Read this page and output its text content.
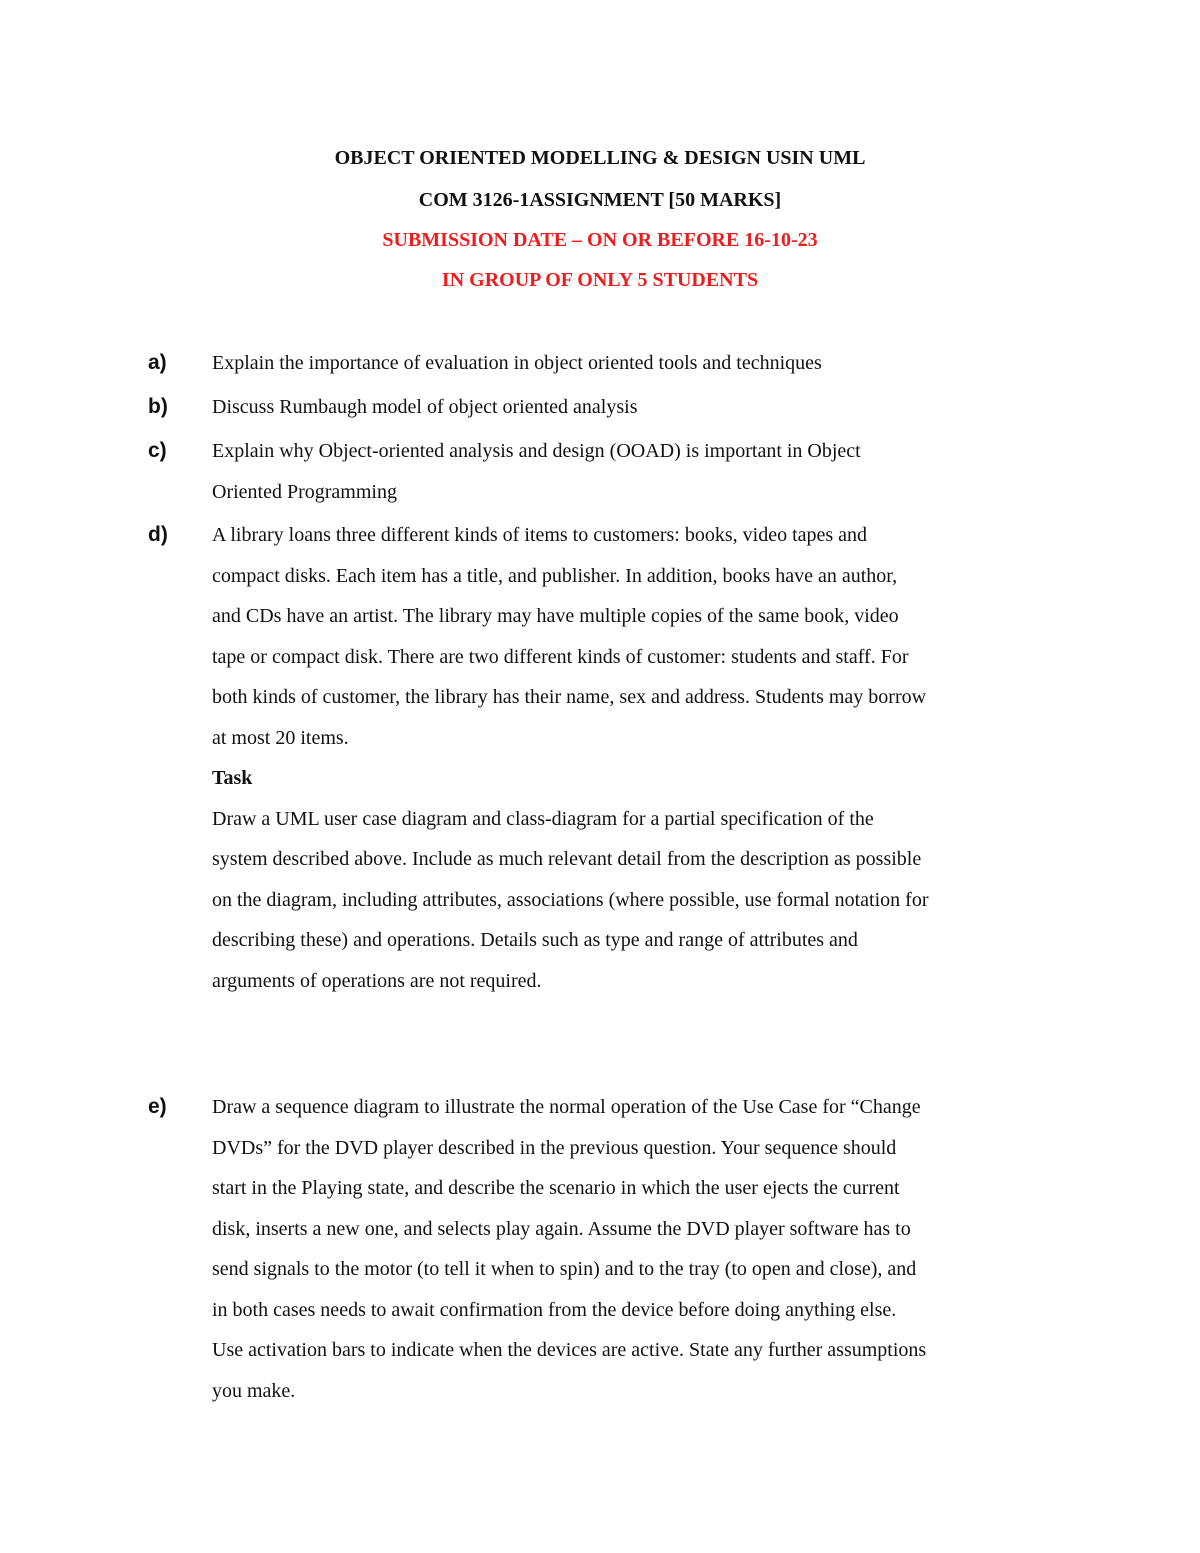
OBJECT ORIENTED MODELLING & DESIGN USIN UML
COM 3126-1ASSIGNMENT [50 MARKS]
SUBMISSION DATE – ON OR BEFORE 16-10-23
IN GROUP OF ONLY 5 STUDENTS
a) Explain the importance of evaluation in object oriented tools and techniques
b) Discuss Rumbaugh model of object oriented analysis
c) Explain why Object-oriented analysis and design (OOAD) is important in Object
Oriented Programming
d) A library loans three different kinds of items to customers: books, video tapes and
compact disks. Each item has a title, and publisher. In addition, books have an author,
and CDs have an artist. The library may have multiple copies of the same book, video
tape or compact disk. There are two different kinds of customer: students and staff. For
both kinds of customer, the library has their name, sex and address. Students may borrow
at most 20 items.
Task
Draw a UML user case diagram and class-diagram for a partial specification of the
system described above. Include as much relevant detail from the description as possible
on the diagram, including attributes, associations (where possible, use formal notation for
describing these) and operations. Details such as type and range of attributes and
arguments of operations are not required.
e) Draw a sequence diagram to illustrate the normal operation of the Use Case for “Change
DVDs” for the DVD player described in the previous question. Your sequence should
start in the Playing state, and describe the scenario in which the user ejects the current
disk, inserts a new one, and selects play again. Assume the DVD player software has to
send signals to the motor (to tell it when to spin) and to the tray (to open and close), and
in both cases needs to await confirmation from the device before doing anything else.
Use activation bars to indicate when the devices are active. State any further assumptions
you make.
